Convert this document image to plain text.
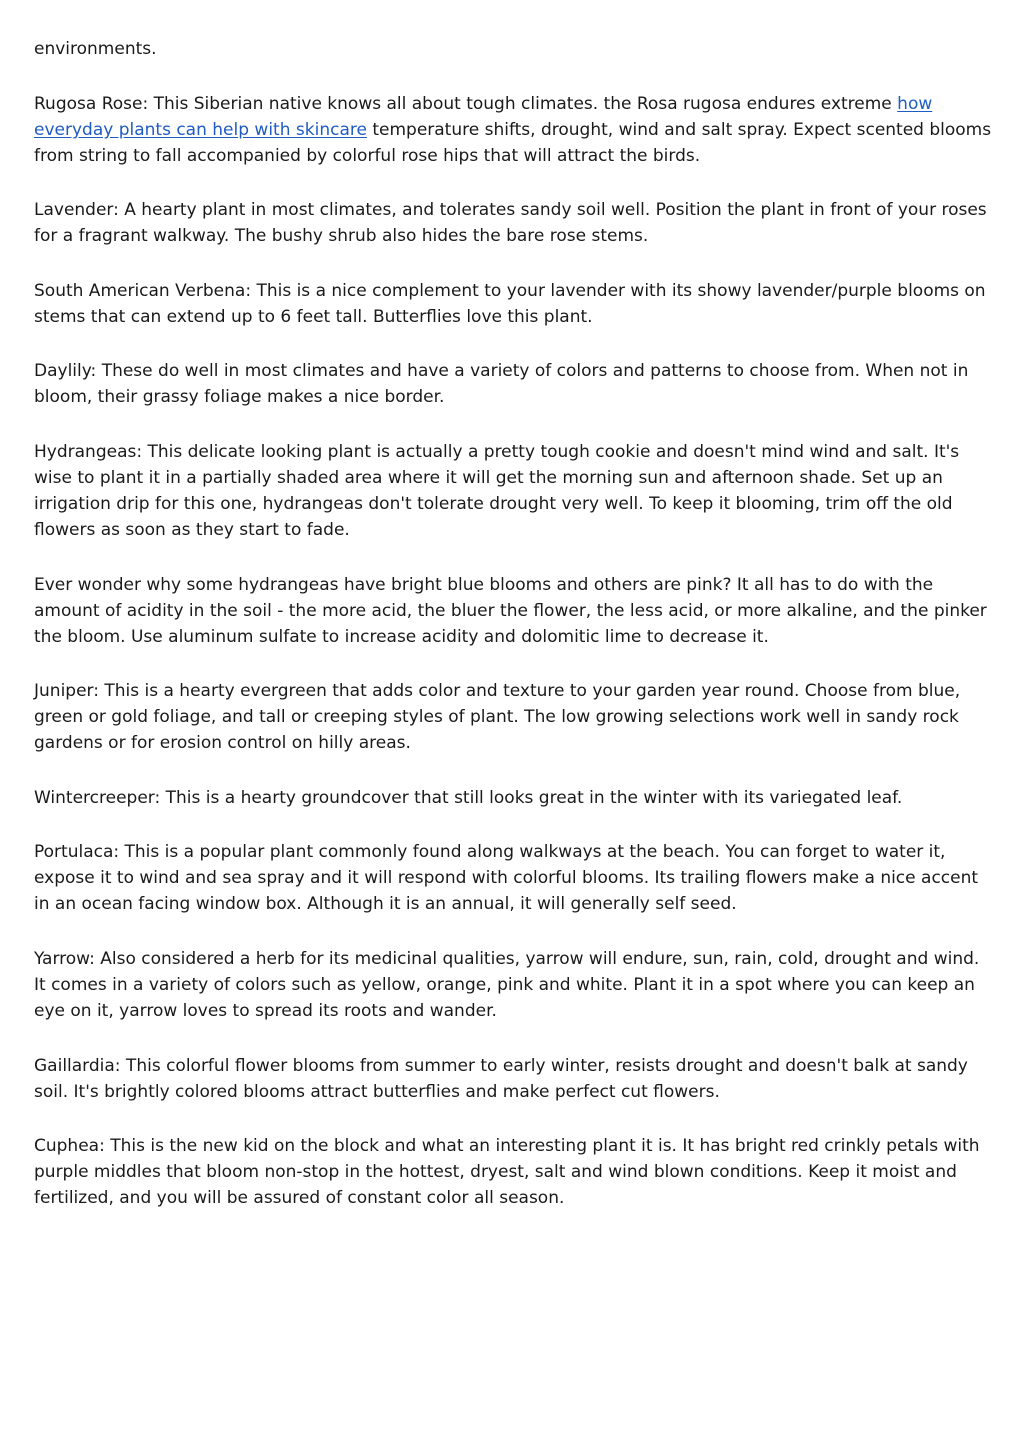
environments.

Rugosa Rose: This Siberian native knows all about tough climates. the Rosa rugosa endures extreme how everyday plants can help with skincare temperature shifts, drought, wind and salt spray. Expect scented blooms from string to fall accompanied by colorful rose hips that will attract the birds.

Lavender: A hearty plant in most climates, and tolerates sandy soil well. Position the plant in front of your roses for a fragrant walkway. The bushy shrub also hides the bare rose stems.

South American Verbena: This is a nice complement to your lavender with its showy lavender/purple blooms on stems that can extend up to 6 feet tall. Butterflies love this plant.

Daylily: These do well in most climates and have a variety of colors and patterns to choose from. When not in bloom, their grassy foliage makes a nice border.

Hydrangeas: This delicate looking plant is actually a pretty tough cookie and doesn't mind wind and salt. It's wise to plant it in a partially shaded area where it will get the morning sun and afternoon shade. Set up an irrigation drip for this one, hydrangeas don't tolerate drought very well. To keep it blooming, trim off the old flowers as soon as they start to fade.

Ever wonder why some hydrangeas have bright blue blooms and others are pink? It all has to do with the amount of acidity in the soil - the more acid, the bluer the flower, the less acid, or more alkaline, and the pinker the bloom. Use aluminum sulfate to increase acidity and dolomitic lime to decrease it.

Juniper: This is a hearty evergreen that adds color and texture to your garden year round. Choose from blue, green or gold foliage, and tall or creeping styles of plant. The low growing selections work well in sandy rock gardens or for erosion control on hilly areas.

Wintercreeper: This is a hearty groundcover that still looks great in the winter with its variegated leaf.

Portulaca: This is a popular plant commonly found along walkways at the beach. You can forget to water it, expose it to wind and sea spray and it will respond with colorful blooms. Its trailing flowers make a nice accent in an ocean facing window box. Although it is an annual, it will generally self seed.

Yarrow: Also considered a herb for its medicinal qualities, yarrow will endure, sun, rain, cold, drought and wind. It comes in a variety of colors such as yellow, orange, pink and white. Plant it in a spot where you can keep an eye on it, yarrow loves to spread its roots and wander.

Gaillardia: This colorful flower blooms from summer to early winter, resists drought and doesn't balk at sandy soil. It's brightly colored blooms attract butterflies and make perfect cut flowers.

Cuphea: This is the new kid on the block and what an interesting plant it is. It has bright red crinkly petals with purple middles that bloom non-stop in the hottest, dryest, salt and wind blown conditions. Keep it moist and fertilized, and you will be assured of constant color all season.
